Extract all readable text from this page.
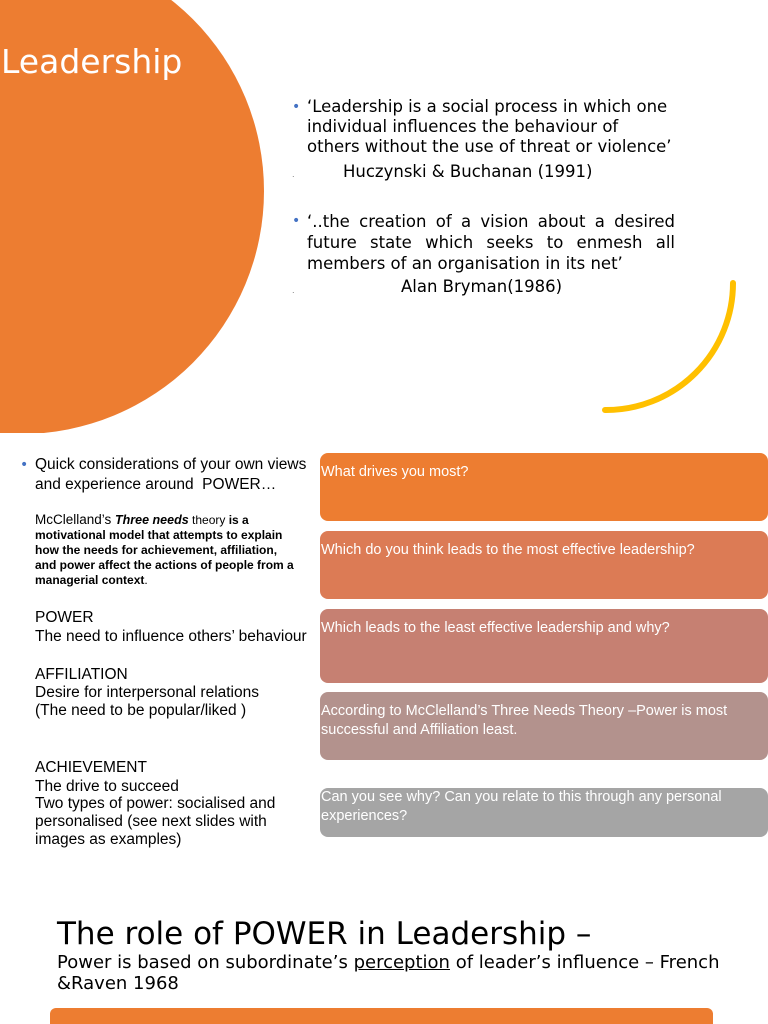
Leadership
• ‘Leadership is a social process in which one individual influences the behaviour of others without the use of threat or violence’
.	Huczynski & Buchanan (1991)
• ‘..the creation of a vision about a desired future state which seeks to enmesh all members of an organisation in its net’
.	Alan Bryman(1986)
• Quick considerations of your own views
and experience around  POWER…
McClelland’s Three needs theory is a motivational model that attempts to explain how the needs for achievement, affiliation, and power affect the actions of people from a managerial context.
POWER
The need to influence others’ behaviour
AFFILIATION
Desire for interpersonal relations (The need to be popular/liked )
ACHIEVEMENT
The drive to succeed
Two types of power: socialised and personalised (see next slides with images as examples)
What drives you most?
Which do you think leads to the most effective leadership?
Which leads to the least effective leadership and why?
According to McClelland’s Three Needs Theory –Power is most successful and Affiliation least.
Can you see why? Can you relate to this through any personal experiences?
The role of POWER in Leadership –
Power is based on subordinate’s perception of leader’s influence – French &Raven 1968
